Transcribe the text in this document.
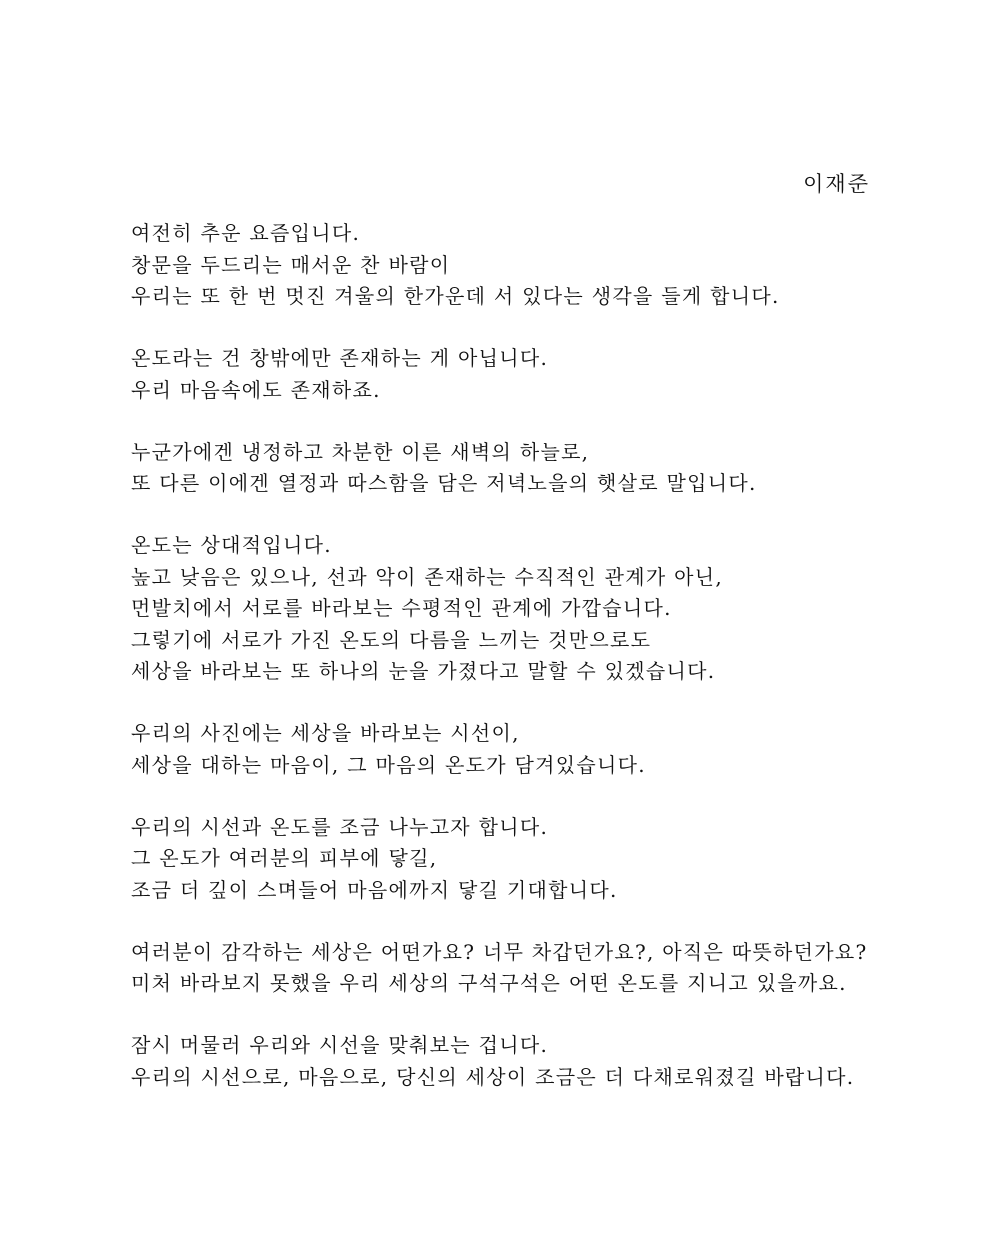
이재준
여전히 추운 요즘입니다.
창문을 두드리는 매서운 찬 바람이
우리는 또 한 번 멋진 겨울의 한가운데 서 있다는 생각을 들게 합니다.
온도라는 건 창밖에만 존재하는 게 아닙니다.
우리 마음속에도 존재하죠.
누군가에겐 냉정하고 차분한 이른 새벽의 하늘로,
또 다른 이에겐 열정과 따스함을 담은 저녁노을의 햇살로 말입니다.
온도는 상대적입니다.
높고 낮음은 있으나, 선과 악이 존재하는 수직적인 관계가 아닌,
먼발치에서 서로를 바라보는 수평적인 관계에 가깝습니다.
그렇기에 서로가 가진 온도의 다름을 느끼는 것만으로도
세상을 바라보는 또 하나의 눈을 가졌다고 말할 수 있겠습니다.
우리의 사진에는 세상을 바라보는 시선이,
세상을 대하는 마음이, 그 마음의 온도가 담겨있습니다.
우리의 시선과 온도를 조금 나누고자 합니다.
그 온도가 여러분의 피부에 닿길,
조금 더 깊이 스며들어 마음에까지 닿길 기대합니다.
여러분이 감각하는 세상은 어떤가요? 너무 차갑던가요?, 아직은 따뜻하던가요?
미처 바라보지 못했을 우리 세상의 구석구석은 어떤 온도를 지니고 있을까요.
잠시 머물러 우리와 시선을 맞춰보는 겁니다.
우리의 시선으로, 마음으로, 당신의 세상이 조금은 더 다채로워졌길 바랍니다.
